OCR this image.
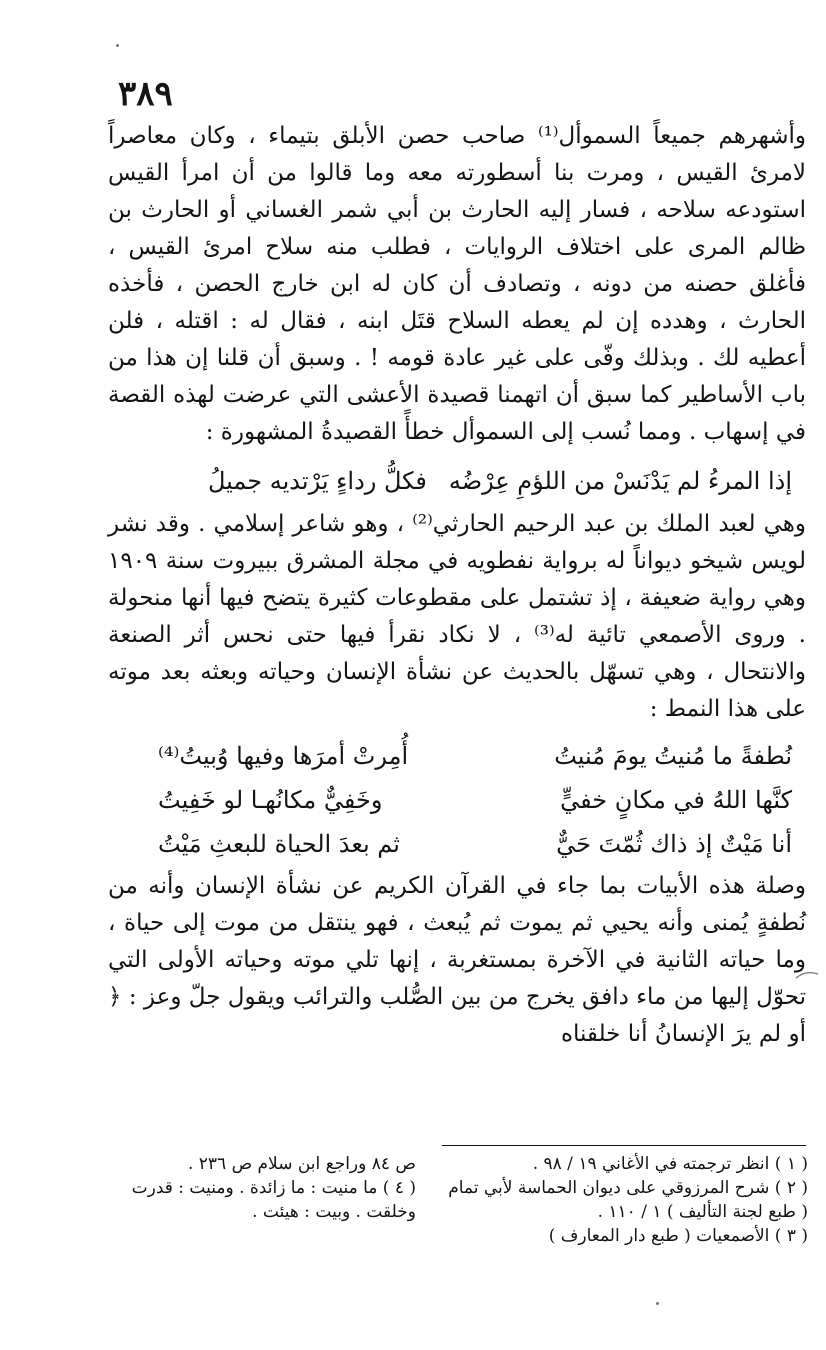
٣٨٩

وأشهرهم جميعاً السموأل⁽¹⁾ صاحب حصن الأبلق بتيماء ، وكان معاصراً لامرئ القيس ، ومرت بنا أسطورته معه وما قالوا من أن امرأ القيس استودعه سلاحه ، فسار إليه الحارث بن أبي شمر الغساني أو الحارث بن ظالم المرى على اختلاف الروايات ، فطلب منه سلاح امرئ القيس ، فأغلق حصنه من دونه ، وتصادف أن كان له ابن خارج الحصن ، فأخذه الحارث ، وهدده إن لم يعطه السلاح قتَل ابنه ، فقال له : اقتله ، فلن أعطيه لك . وبذلك وفّى على غير عادة قومه ! . وسبق أن قلنا إن هذا من باب الأساطير كما سبق أن اتهمنا قصيدة الأعشى التي عرضت لهذه القصة في إسهاب . ومما نُسب إلى السموأل خطأً القصيدةُ المشهورة :

إذا المرءُ لم يَدْنَسْ من اللؤمِ عِرْضُه
فكلُّ رداءٍ يَرْتديه جميلُ

وهي لعبد الملك بن عبد الرحيم الحارثي⁽²⁾ ، وهو شاعر إسلامي . وقد نشر لويس شيخو ديواناً له برواية نفطويه في مجلة المشرق ببيروت سنة ١٩٠٩ وهي رواية ضعيفة ، إذ تشتمل على مقطوعات كثيرة يتضح فيها أنها منحولة . وروى الأصمعي تائية له⁽³⁾ ، لا نكاد نقرأ فيها حتى نحس أثر الصنعة والانتحال ، وهي تسهّل بالحديث عن نشأة الإنسان وحياته وبعثه بعد موته على هذا النمط :

نُطفةً ما مُنيتُ يومَ مُنيتُ
أُمِرتْ أمرَها وفيها وُبيتُ⁽⁴⁾
كنَّها اللهُ في مكانٍ خفيٍّ
وخَفِيٌّ مكانُهـا لو خَفِيتُ
أنا مَيْتٌ إذ ذاك ثُمّتَ حَيٌّ
ثم بعدَ الحياة للبعثِ مَيْتُ

وصلة هذه الأبيات بما جاء في القرآن الكريم عن نشأة الإنسان وأنه من نُطفةٍ يُمنى وأنه يحيي ثم يموت ثم يُبعث ، فهو ينتقل من موت إلى حياة ، وما حياته الثانية في الآخرة بمستغربة ، إنها تلي موته وحياته الأولى التي تحوّل إليها من ماء دافق يخرج من بين الصُّلب والترائب ويقول جلّ وعز : ﴿ أو لم يرَ الإنسانُ أنا خلقناه

( ١ ) انظر ترجمته في الأغاني ١٩ / ٩٨ .
( ٢ ) شرح المرزوقي على ديوان الحماسة لأبي تمام ( طبع لجنة التأليف ) ١ / ١١٠ .
( ٣ ) الأصمعيات ( طبع دار المعارف )
ص ٨٤ وراجع ابن سلام ص ٢٣٦ .
( ٤ ) ما منيت : ما زائدة . ومنيت : قدرت
وخلقت . وبيت : هيئت .
